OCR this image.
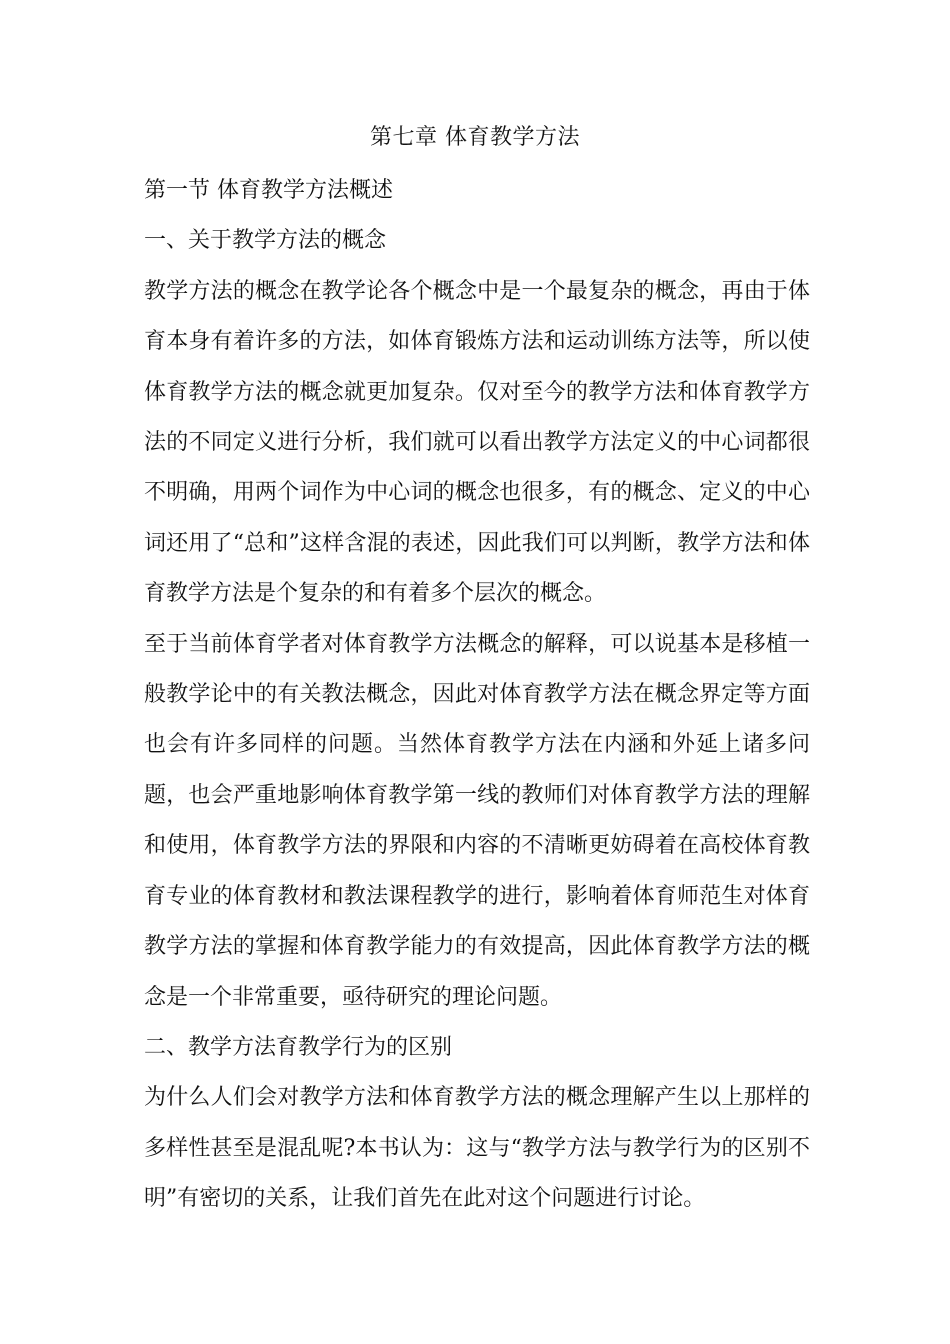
第七章 体育教学方法

第一节 体育教学方法概述

一、关于教学方法的概念

教学方法的概念在教学论各个概念中是一个最复杂的概念，再由于体育本身有着许多的方法，如体育锻炼方法和运动训练方法等，所以使体育教学方法的概念就更加复杂。仅对至今的教学方法和体育教学方法的不同定义进行分析，我们就可以看出教学方法定义的中心词都很不明确，用两个词作为中心词的概念也很多，有的概念、定义的中心词还用了“总和”这样含混的表述，因此我们可以判断，教学方法和体育教学方法是个复杂的和有着多个层次的概念。

至于当前体育学者对体育教学方法概念的解释，可以说基本是移植一般教学论中的有关教法概念，因此对体育教学方法在概念界定等方面也会有许多同样的问题。当然体育教学方法在内涵和外延上诸多问题，也会严重地影响体育教学第一线的教师们对体育教学方法的理解和使用，体育教学方法的界限和内容的不清晰更妨碍着在高校体育教育专业的体育教材和教法课程教学的进行，影响着体育师范生对体育教学方法的掌握和体育教学能力的有效提高，因此体育教学方法的概念是一个非常重要，亟待研究的理论问题。

二、教学方法育教学行为的区别

为什么人们会对教学方法和体育教学方法的概念理解产生以上那样的多样性甚至是混乱呢?本书认为：这与“教学方法与教学行为的区别不明”有密切的关系，让我们首先在此对这个问题进行讨论。
